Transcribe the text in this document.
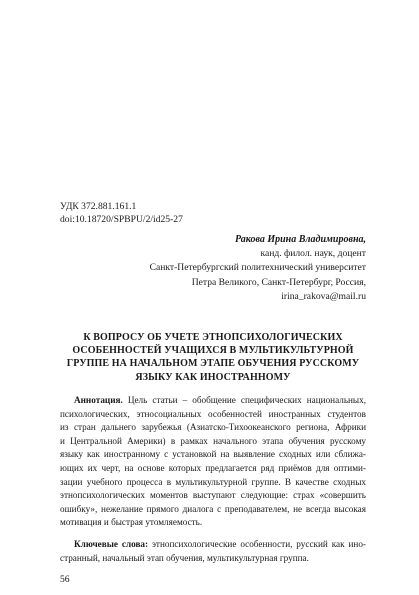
УДК 372.881.161.1
doi:10.18720/SPBPU/2/id25-27
Ракова Ирина Владимировна,
канд. филол. наук, доцент
Санкт-Петербургский политехнический университет
Петра Великого, Санкт-Петербург, Россия,
irina_rakova@mail.ru
К ВОПРОСУ ОБ УЧЕТЕ ЭТНОПСИХОЛОГИЧЕСКИХ
ОСОБЕННОСТЕЙ УЧАЩИХСЯ В МУЛЬТИКУЛЬТУРНОЙ
ГРУППЕ НА НАЧАЛЬНОМ ЭТАПЕ ОБУЧЕНИЯ РУССКОМУ
ЯЗЫКУ КАК ИНОСТРАННОМУ
Аннотация. Цель статьи – обобщение специфических национальных,
психологических, этносоциальных особенностей иностранных студентов
из стран дальнего зарубежья (Азиатско-Тихоокеанского региона, Африки
и Центральной Америки) в рамках начального этапа обучения русскому
языку как иностранному с установкой на выявление сходных или сближа-
ющих их черт, на основе которых предлагается ряд приёмов для оптими-
зации учебного процесса в мультикультурной группе. В качестве сходных
этнопсихологических моментов выступают следующие: страх «совершить
ошибку», нежелание прямого диалога с преподавателем, не всегда высокая
мотивация и быстрая утомляемость.
Ключевые слова: этнопсихологические особенности, русский как ино-
странный, начальный этап обучения, мультикультурная группа.
56
